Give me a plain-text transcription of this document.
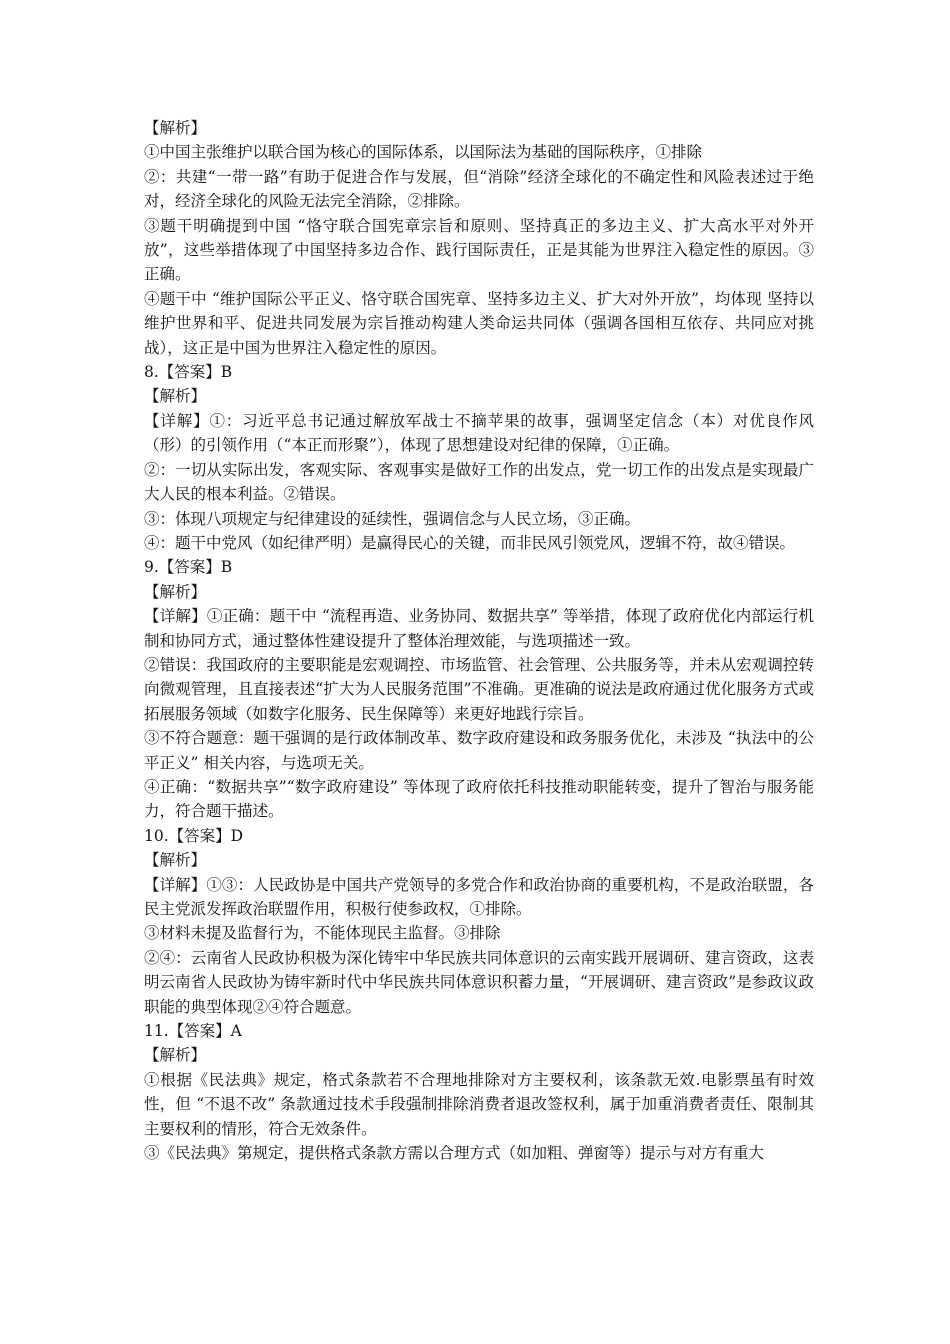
【解析】
①中国主张维护以联合国为核心的国际体系，以国际法为基础的国际秩序，①排除
②：共建“一带一路”有助于促进合作与发展，但“消除”经济全球化的不确定性和风险表述过于绝对，经济全球化的风险无法完全消除，②排除。
③题干明确提到中国 “恪守联合国宪章宗旨和原则、坚持真正的多边主义、扩大高水平对外开放”，这些举措体现了中国坚持多边合作、践行国际责任，正是其能为世界注入稳定性的原因。③正确。
④题干中 “维护国际公平正义、恪守联合国宪章、坚持多边主义、扩大对外开放”，均体现 坚持以维护世界和平、促进共同发展为宗旨推动构建人类命运共同体（强调各国相互依存、共同应对挑战），这正是中国为世界注入稳定性的原因。
8.【答案】B
【解析】
【详解】①：习近平总书记通过解放军战士不摘苹果的故事，强调坚定信念（本）对优良作风（形）的引领作用（“本正而形聚”），体现了思想建设对纪律的保障，①正确。
②：一切从实际出发，客观实际、客观事实是做好工作的出发点，党一切工作的出发点是实现最广大人民的根本利益。②错误。
③：体现八项规定与纪律建设的延续性，强调信念与人民立场，③正确。
④：题干中党风（如纪律严明）是赢得民心的关键，而非民风引领党风，逻辑不符，故④错误。
9.【答案】B
【解析】
【详解】①正确：题干中 “流程再造、业务协同、数据共享” 等举措，体现了政府优化内部运行机制和协同方式，通过整体性建设提升了整体治理效能，与选项描述一致。
②错误：我国政府的主要职能是宏观调控、市场监管、社会管理、公共服务等，并未从宏观调控转向微观管理，且直接表述“扩大为人民服务范围”不准确。更准确的说法是政府通过优化服务方式或拓展服务领域（如数字化服务、民生保障等）来更好地践行宗旨。
③不符合题意：题干强调的是行政体制改革、数字政府建设和政务服务优化，未涉及 “执法中的公平正义” 相关内容，与选项无关。
④正确：“数据共享”“数字政府建设” 等体现了政府依托科技推动职能转变，提升了智治与服务能力，符合题干描述。
10.【答案】D
【解析】
【详解】①③：人民政协是中国共产党领导的多党合作和政治协商的重要机构，不是政治联盟，各民主党派发挥政治联盟作用，积极行使参政权，①排除。
③材料未提及监督行为，不能体现民主监督。③排除
②④：云南省人民政协积极为深化铸牢中华民族共同体意识的云南实践开展调研、建言资政，这表明云南省人民政协为铸牢新时代中华民族共同体意识积蓄力量，“开展调研、建言资政”是参政议政职能的典型体现②④符合题意。
11.【答案】A
【解析】
①根据《民法典》规定，格式条款若不合理地排除对方主要权利，该条款无效.电影票虽有时效性，但 “不退不改” 条款通过技术手段强制排除消费者退改签权利，属于加重消费者责任、限制其主要权利的情形，符合无效条件。
③《民法典》第规定，提供格式条款方需以合理方式（如加粗、弹窗等）提示与对方有重大
